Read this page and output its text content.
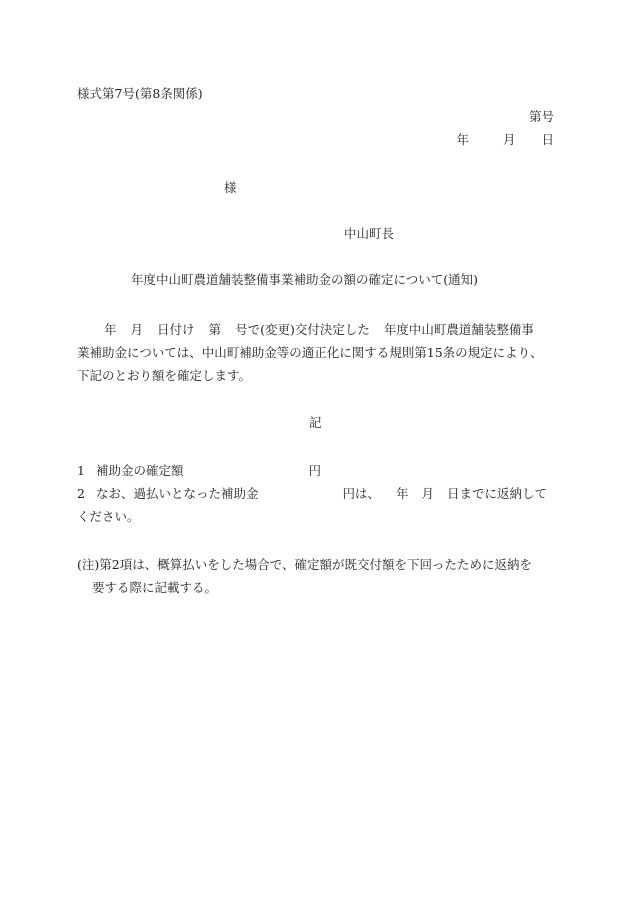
様式第7号(第8条関係)
第号
年	月 日
様
中山町長
年度中山町農道舗装整備事業補助金の額の確定について(通知)
年 月 日付け 第 号で(変更)交付決定した 年度中山町農道舗装整備事
業補助金については、中山町補助金等の適正化に関する規則第15条の規定により、
下記のとおり額を確定します。
記
1 補助金の確定額	円
2 なお、過払いとなった補助金	円は、 年 月 日までに返納して
ください。
(注)第2項は、概算払いをした場合で、確定額が既交付額を下回ったために返納を
要する際に記載する。
